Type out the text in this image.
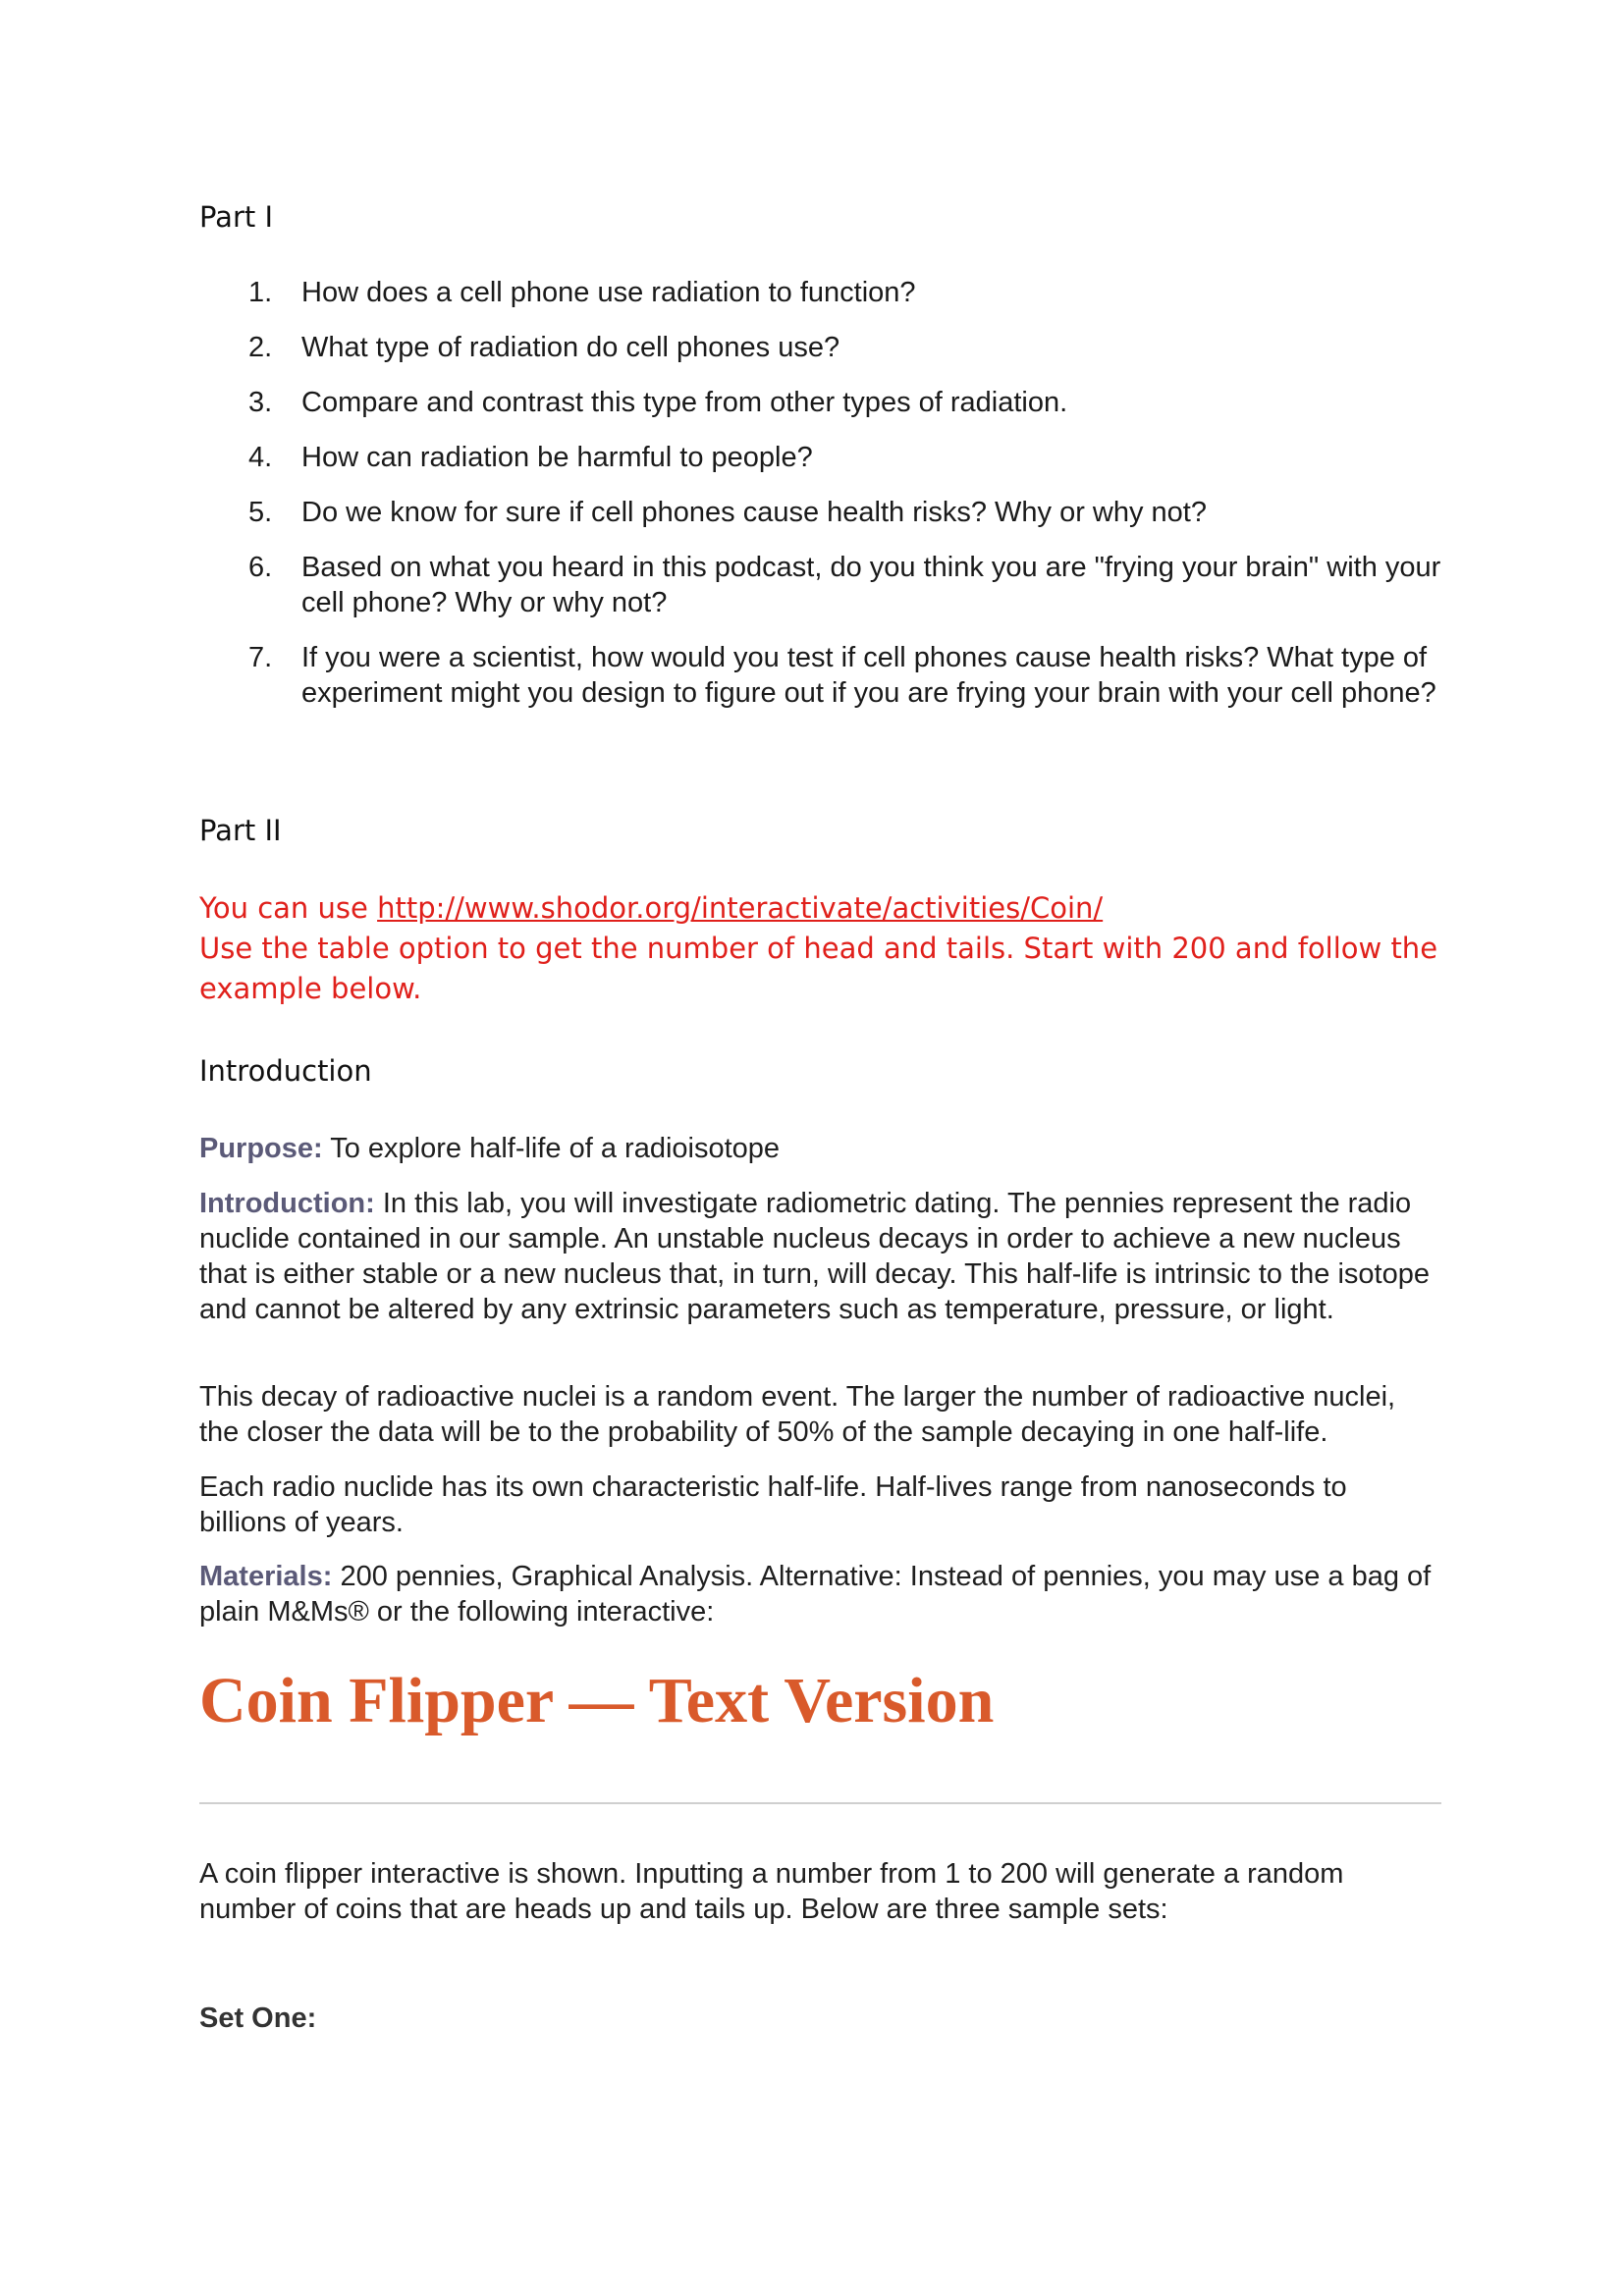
Part I
1.	How does a cell phone use radiation to function?
2.	What type of radiation do cell phones use?
3.	Compare and contrast this type from other types of radiation.
4.	How can radiation be harmful to people?
5.	Do we know for sure if cell phones cause health risks? Why or why not?
6.	Based on what you heard in this podcast, do you think you are "frying your brain" with your cell phone? Why or why not?
7.	If you were a scientist, how would you test if cell phones cause health risks? What type of experiment might you design to figure out if you are frying your brain with your cell phone?
Part II
You can use http://www.shodor.org/interactivate/activities/Coin/
Use the table option to get the number of head and tails. Start with 200 and follow the example below.
Introduction
Purpose: To explore half-life of a radioisotope
Introduction: In this lab, you will investigate radiometric dating. The pennies represent the radio nuclide contained in our sample. An unstable nucleus decays in order to achieve a new nucleus that is either stable or a new nucleus that, in turn, will decay. This half-life is intrinsic to the isotope and cannot be altered by any extrinsic parameters such as temperature, pressure, or light.
This decay of radioactive nuclei is a random event. The larger the number of radioactive nuclei, the closer the data will be to the probability of 50% of the sample decaying in one half-life.
Each radio nuclide has its own characteristic half-life. Half-lives range from nanoseconds to billions of years.
Materials: 200 pennies, Graphical Analysis. Alternative: Instead of pennies, you may use a bag of plain M&Ms® or the following interactive:
Coin Flipper — Text Version
A coin flipper interactive is shown. Inputting a number from 1 to 200 will generate a random number of coins that are heads up and tails up. Below are three sample sets:
Set One:
